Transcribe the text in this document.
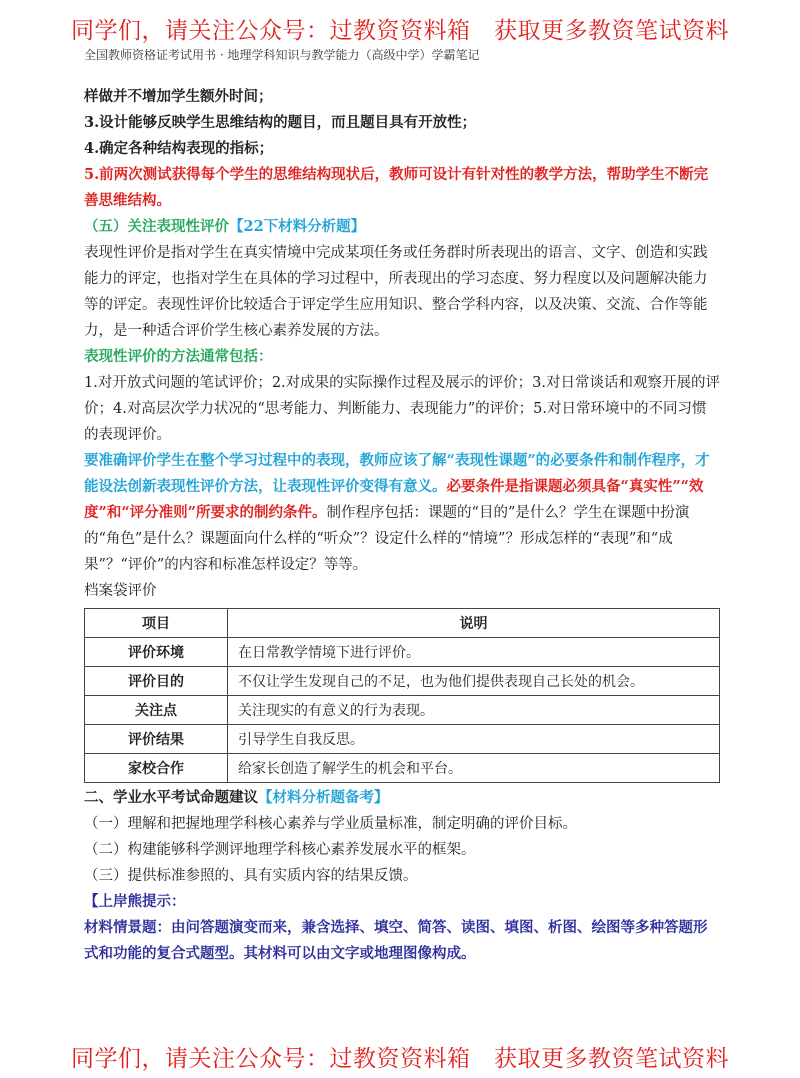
同学们，请关注公众号：过教资资料箱　获取更多教资笔试资料
全国教师资格证考试用书 · 地理学科知识与教学能力（高级中学）学霸笔记

样做并不增加学生额外时间；

3.设计能够反映学生思维结构的题目，而且题目具有开放性；

4.确定各种结构表现的指标；

5.前两次测试获得每个学生的思维结构现状后，教师可设计有针对性的教学方法，帮助学生不断完善思维结构。

（五）关注表现性评价【22下材料分析题】

表现性评价是指对学生在真实情境中完成某项任务或任务群时所表现出的语言、文字、创造和实践能力的评定，也指对学生在具体的学习过程中，所表现出的学习态度、努力程度以及问题解决能力等的评定。表现性评价比较适合于评定学生应用知识、整合学科内容，以及决策、交流、合作等能力，是一种适合评价学生核心素养发展的方法。

表现性评价的方法通常包括：

1.对开放式问题的笔试评价；2.对成果的实际操作过程及展示的评价；3.对日常谈话和观察开展的评价；4.对高层次学力状况的“思考能力、判断能力、表现能力”的评价；5.对日常环境中的不同习惯的表现评价。

要准确评价学生在整个学习过程中的表现，教师应该了解“表现性课题”的必要条件和制作程序，才能设法创新表现性评价方法，让表现性评价变得有意义。必要条件是指课题必须具备“真实性”“效度”和“评分准则”所要求的制约条件。制作程序包括：课题的“目的”是什么？学生在课题中扮演的“角色”是什么？课题面向什么样的“听众”？设定什么样的“情境”？形成怎样的“表现”和“成果”？“评价”的内容和标准怎样设定？等等。

档案袋评价

项目	说明
评价环境	在日常教学情境下进行评价。
评价目的	不仅让学生发现自己的不足，也为他们提供表现自己长处的机会。
关注点	关注现实的有意义的行为表现。
评价结果	引导学生自我反思。
家校合作	给家长创造了解学生的机会和平台。

二、学业水平考试命题建议【材料分析题备考】

（一）理解和把握地理学科核心素养与学业质量标准，制定明确的评价目标。

（二）构建能够科学测评地理学科核心素养发展水平的框架。

（三）提供标准参照的、具有实质内容的结果反馈。

【上岸熊提示：

材料情景题：由问答题演变而来，兼含选择、填空、简答、读图、填图、析图、绘图等多种答题形式和功能的复合式题型。其材料可以由文字或地理图像构成。

同学们，请关注公众号：过教资资料箱　获取更多教资笔试资料
